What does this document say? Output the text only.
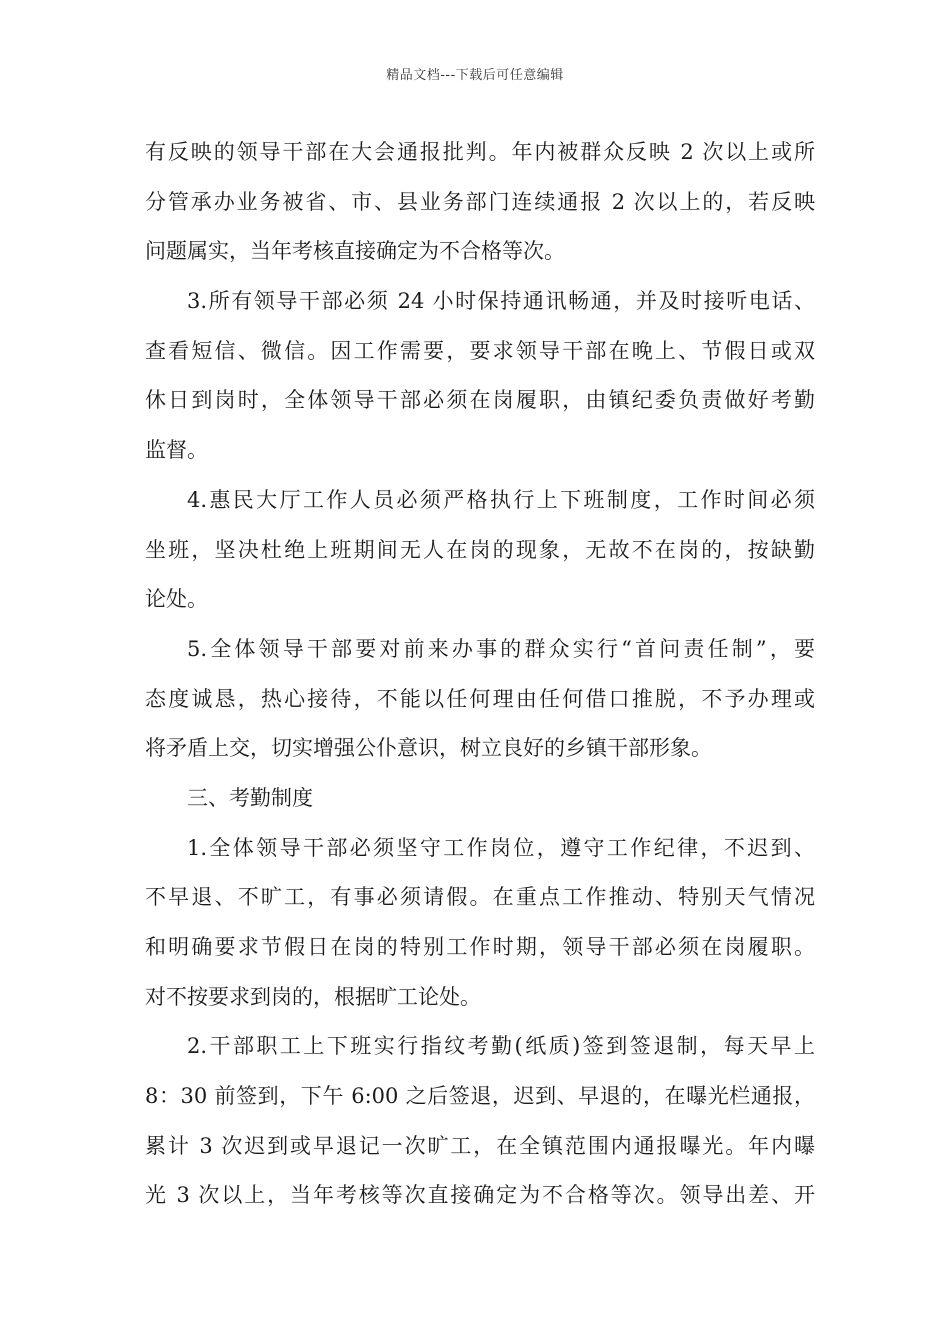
精品文档---下载后可任意编辑
有反映的领导干部在大会通报批判。年内被群众反映 2 次以上或所
分管承办业务被省、市、县业务部门连续通报 2 次以上的，若反映
问题属实，当年考核直接确定为不合格等次。
3.所有领导干部必须 24 小时保持通讯畅通，并及时接听电话、
查看短信、微信。因工作需要，要求领导干部在晚上、节假日或双
休日到岗时，全体领导干部必须在岗履职，由镇纪委负责做好考勤
监督。
4.惠民大厅工作人员必须严格执行上下班制度，工作时间必须
坐班，坚决杜绝上班期间无人在岗的现象，无故不在岗的，按缺勤
论处。
5.全体领导干部要对前来办事的群众实行“首问责任制”，要
态度诚恳，热心接待，不能以任何理由任何借口推脱，不予办理或
将矛盾上交，切实增强公仆意识，树立良好的乡镇干部形象。
三、考勤制度
1.全体领导干部必须坚守工作岗位，遵守工作纪律，不迟到、
不早退、不旷工，有事必须请假。在重点工作推动、特别天气情况
和明确要求节假日在岗的特别工作时期，领导干部必须在岗履职。
对不按要求到岗的，根据旷工论处。
2.干部职工上下班实行指纹考勤(纸质)签到签退制，每天早上
8：30 前签到，下午 6:00 之后签退，迟到、早退的，在曝光栏通报，
累计 3 次迟到或早退记一次旷工，在全镇范围内通报曝光。年内曝
光 3 次以上，当年考核等次直接确定为不合格等次。领导出差、开
